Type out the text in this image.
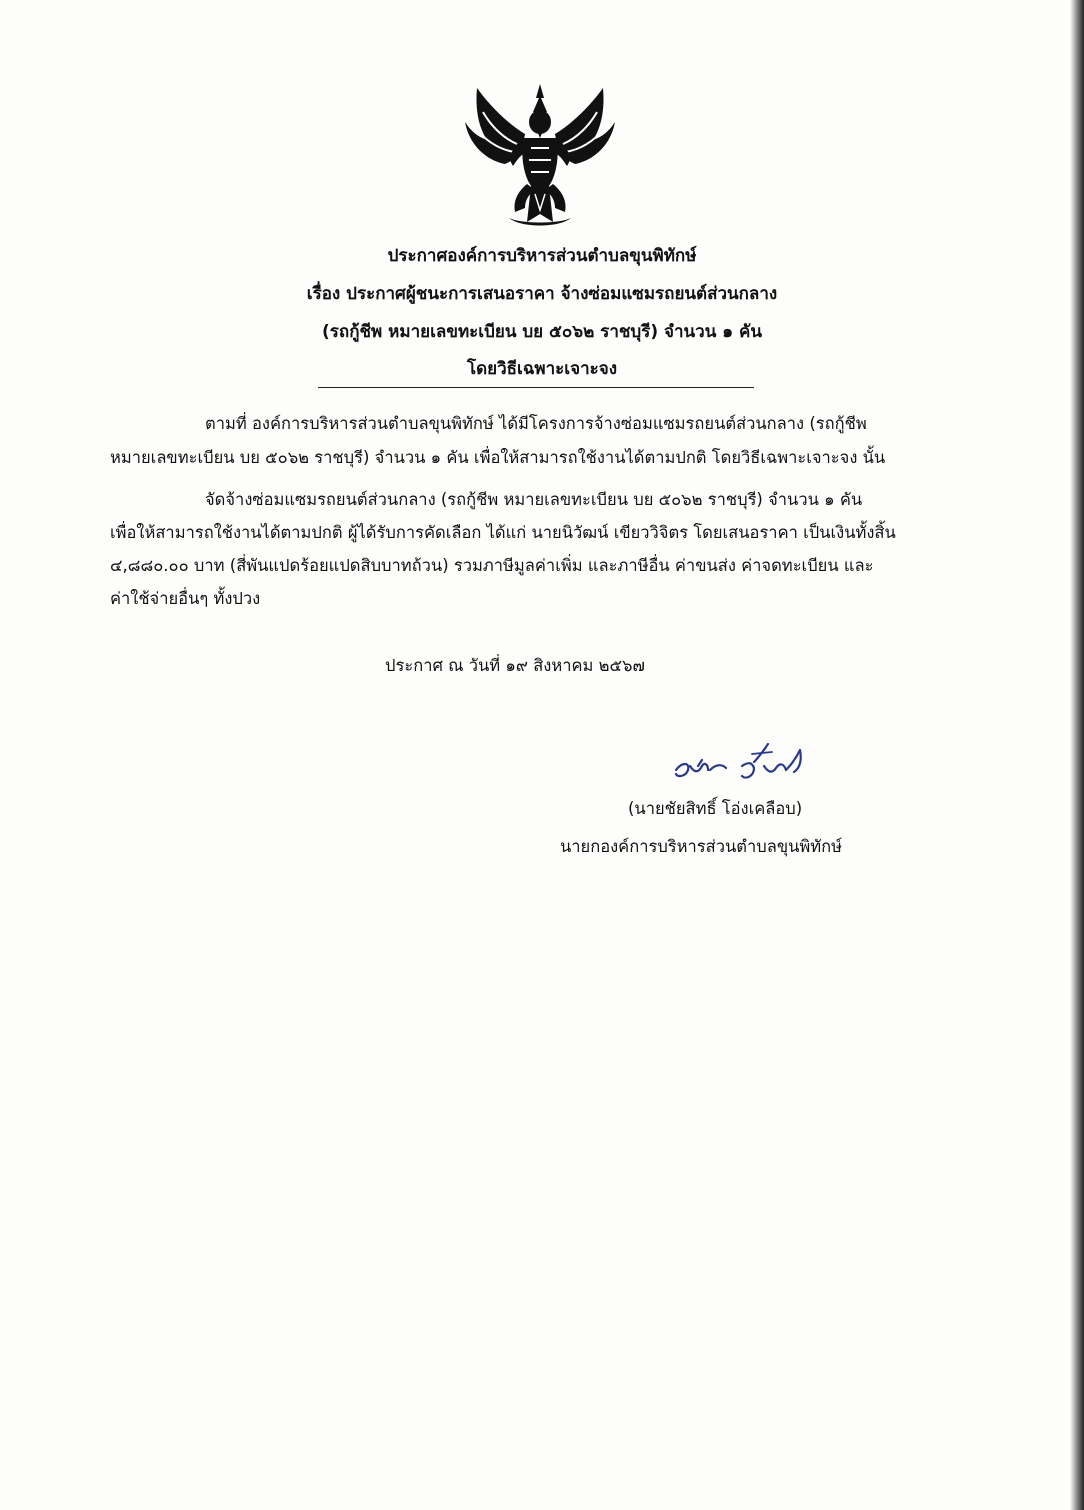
ประกาศองค์การบริหารส่วนตำบลขุนพิทักษ์
เรื่อง ประกาศผู้ชนะการเสนอราคา จ้างซ่อมแซมรถยนต์ส่วนกลาง
(รถกู้ชีพ หมายเลขทะเบียน บย ๕๐๖๒ ราชบุรี) จำนวน ๑ คัน
โดยวิธีเฉพาะเจาะจง
ตามที่ องค์การบริหารส่วนตำบลขุนพิทักษ์ ได้มีโครงการจ้างซ่อมแซมรถยนต์ส่วนกลาง (รถกู้ชีพ
หมายเลขทะเบียน บย ๕๐๖๒ ราชบุรี) จำนวน ๑ คัน เพื่อให้สามารถใช้งานได้ตามปกติ โดยวิธีเฉพาะเจาะจง นั้น
จัดจ้างซ่อมแซมรถยนต์ส่วนกลาง (รถกู้ชีพ หมายเลขทะเบียน บย ๕๐๖๒ ราชบุรี) จำนวน ๑ คัน
เพื่อให้สามารถใช้งานได้ตามปกติ ผู้ได้รับการคัดเลือก ได้แก่ นายนิวัฒน์ เขียววิจิตร โดยเสนอราคา เป็นเงินทั้งสิ้น
๔,๘๘๐.๐๐ บาท (สี่พันแปดร้อยแปดสิบบาทถ้วน) รวมภาษีมูลค่าเพิ่ม และภาษีอื่น ค่าขนส่ง ค่าจดทะเบียน และ
ค่าใช้จ่ายอื่นๆ ทั้งปวง
ประกาศ ณ วันที่ ๑๙ สิงหาคม ๒๕๖๗
(นายชัยสิทธิ์ โอ่งเคลือบ)
นายกองค์การบริหารส่วนตำบลขุนพิทักษ์
